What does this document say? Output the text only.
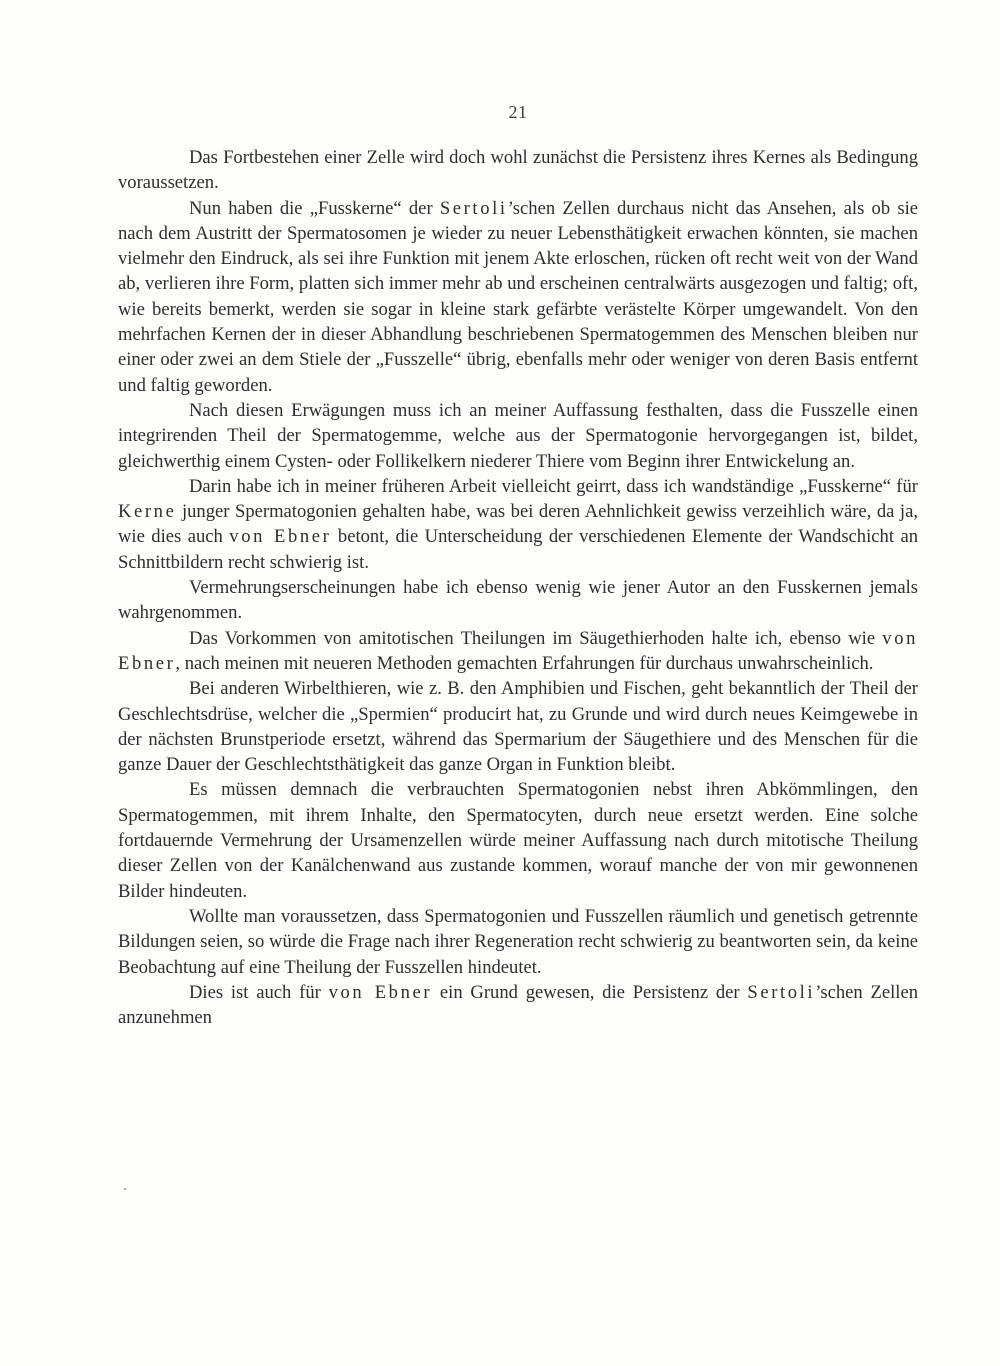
21

Das Fortbestehen einer Zelle wird doch wohl zunächst die Persistenz ihres Kernes als Bedingung voraussetzen.

Nun haben die „Fusskerne“ der Sertoli’schen Zellen durchaus nicht das Ansehen, als ob sie nach dem Austritt der Spermatosomen je wieder zu neuer Lebensthätigkeit erwachen könnten, sie machen vielmehr den Eindruck, als sei ihre Funktion mit jenem Akte erloschen, rücken oft recht weit von der Wand ab, verlieren ihre Form, platten sich immer mehr ab und erscheinen centralwärts ausgezogen und faltig; oft, wie bereits bemerkt, werden sie sogar in kleine stark gefärbte verästelte Körper umgewandelt. Von den mehrfachen Kernen der in dieser Abhandlung beschriebenen Spermatogemmen des Menschen bleiben nur einer oder zwei an dem Stiele der „Fusszelle“ übrig, ebenfalls mehr oder weniger von deren Basis entfernt und faltig geworden.

Nach diesen Erwägungen muss ich an meiner Auffassung festhalten, dass die Fusszelle einen integrirenden Theil der Spermatogemme, welche aus der Spermatogonie hervorgegangen ist, bildet, gleichwerthig einem Cysten- oder Follikelkern niederer Thiere vom Beginn ihrer Entwickelung an.

Darin habe ich in meiner früheren Arbeit vielleicht geirrt, dass ich wandständige „Fusskerne“ für Kerne junger Spermatogonien gehalten habe, was bei deren Aehnlichkeit gewiss verzeihlich wäre, da ja, wie dies auch von Ebner betont, die Unterscheidung der verschiedenen Elemente der Wandschicht an Schnittbildern recht schwierig ist.

Vermehrungserscheinungen habe ich ebenso wenig wie jener Autor an den Fusskernen jemals wahrgenommen.

Das Vorkommen von amitotischen Theilungen im Säugethierhoden halte ich, ebenso wie von Ebner, nach meinen mit neueren Methoden gemachten Erfahrungen für durchaus unwahrscheinlich.

Bei anderen Wirbelthieren, wie z. B. den Amphibien und Fischen, geht bekanntlich der Theil der Geschlechtsdrüse, welcher die „Spermien“ producirt hat, zu Grunde und wird durch neues Keimgewebe in der nächsten Brunstperiode ersetzt, während das Spermarium der Säugethiere und des Menschen für die ganze Dauer der Geschlechtsthätigkeit das ganze Organ in Funktion bleibt.

Es müssen demnach die verbrauchten Spermatogonien nebst ihren Abkömmlingen, den Spermatogemmen, mit ihrem Inhalte, den Spermatocyten, durch neue ersetzt werden. Eine solche fortdauernde Vermehrung der Ursamenzellen würde meiner Auffassung nach durch mitotische Theilung dieser Zellen von der Kanälchenwand aus zustande kommen, worauf manche der von mir gewonnenen Bilder hindeuten.

Wollte man voraussetzen, dass Spermatogonien und Fusszellen räumlich und genetisch getrennte Bildungen seien, so würde die Frage nach ihrer Regeneration recht schwierig zu beantworten sein, da keine Beobachtung auf eine Theilung der Fusszellen hindeutet.

Dies ist auch für von Ebner ein Grund gewesen, die Persistenz der Sertoli’schen Zellen anzunehmen
